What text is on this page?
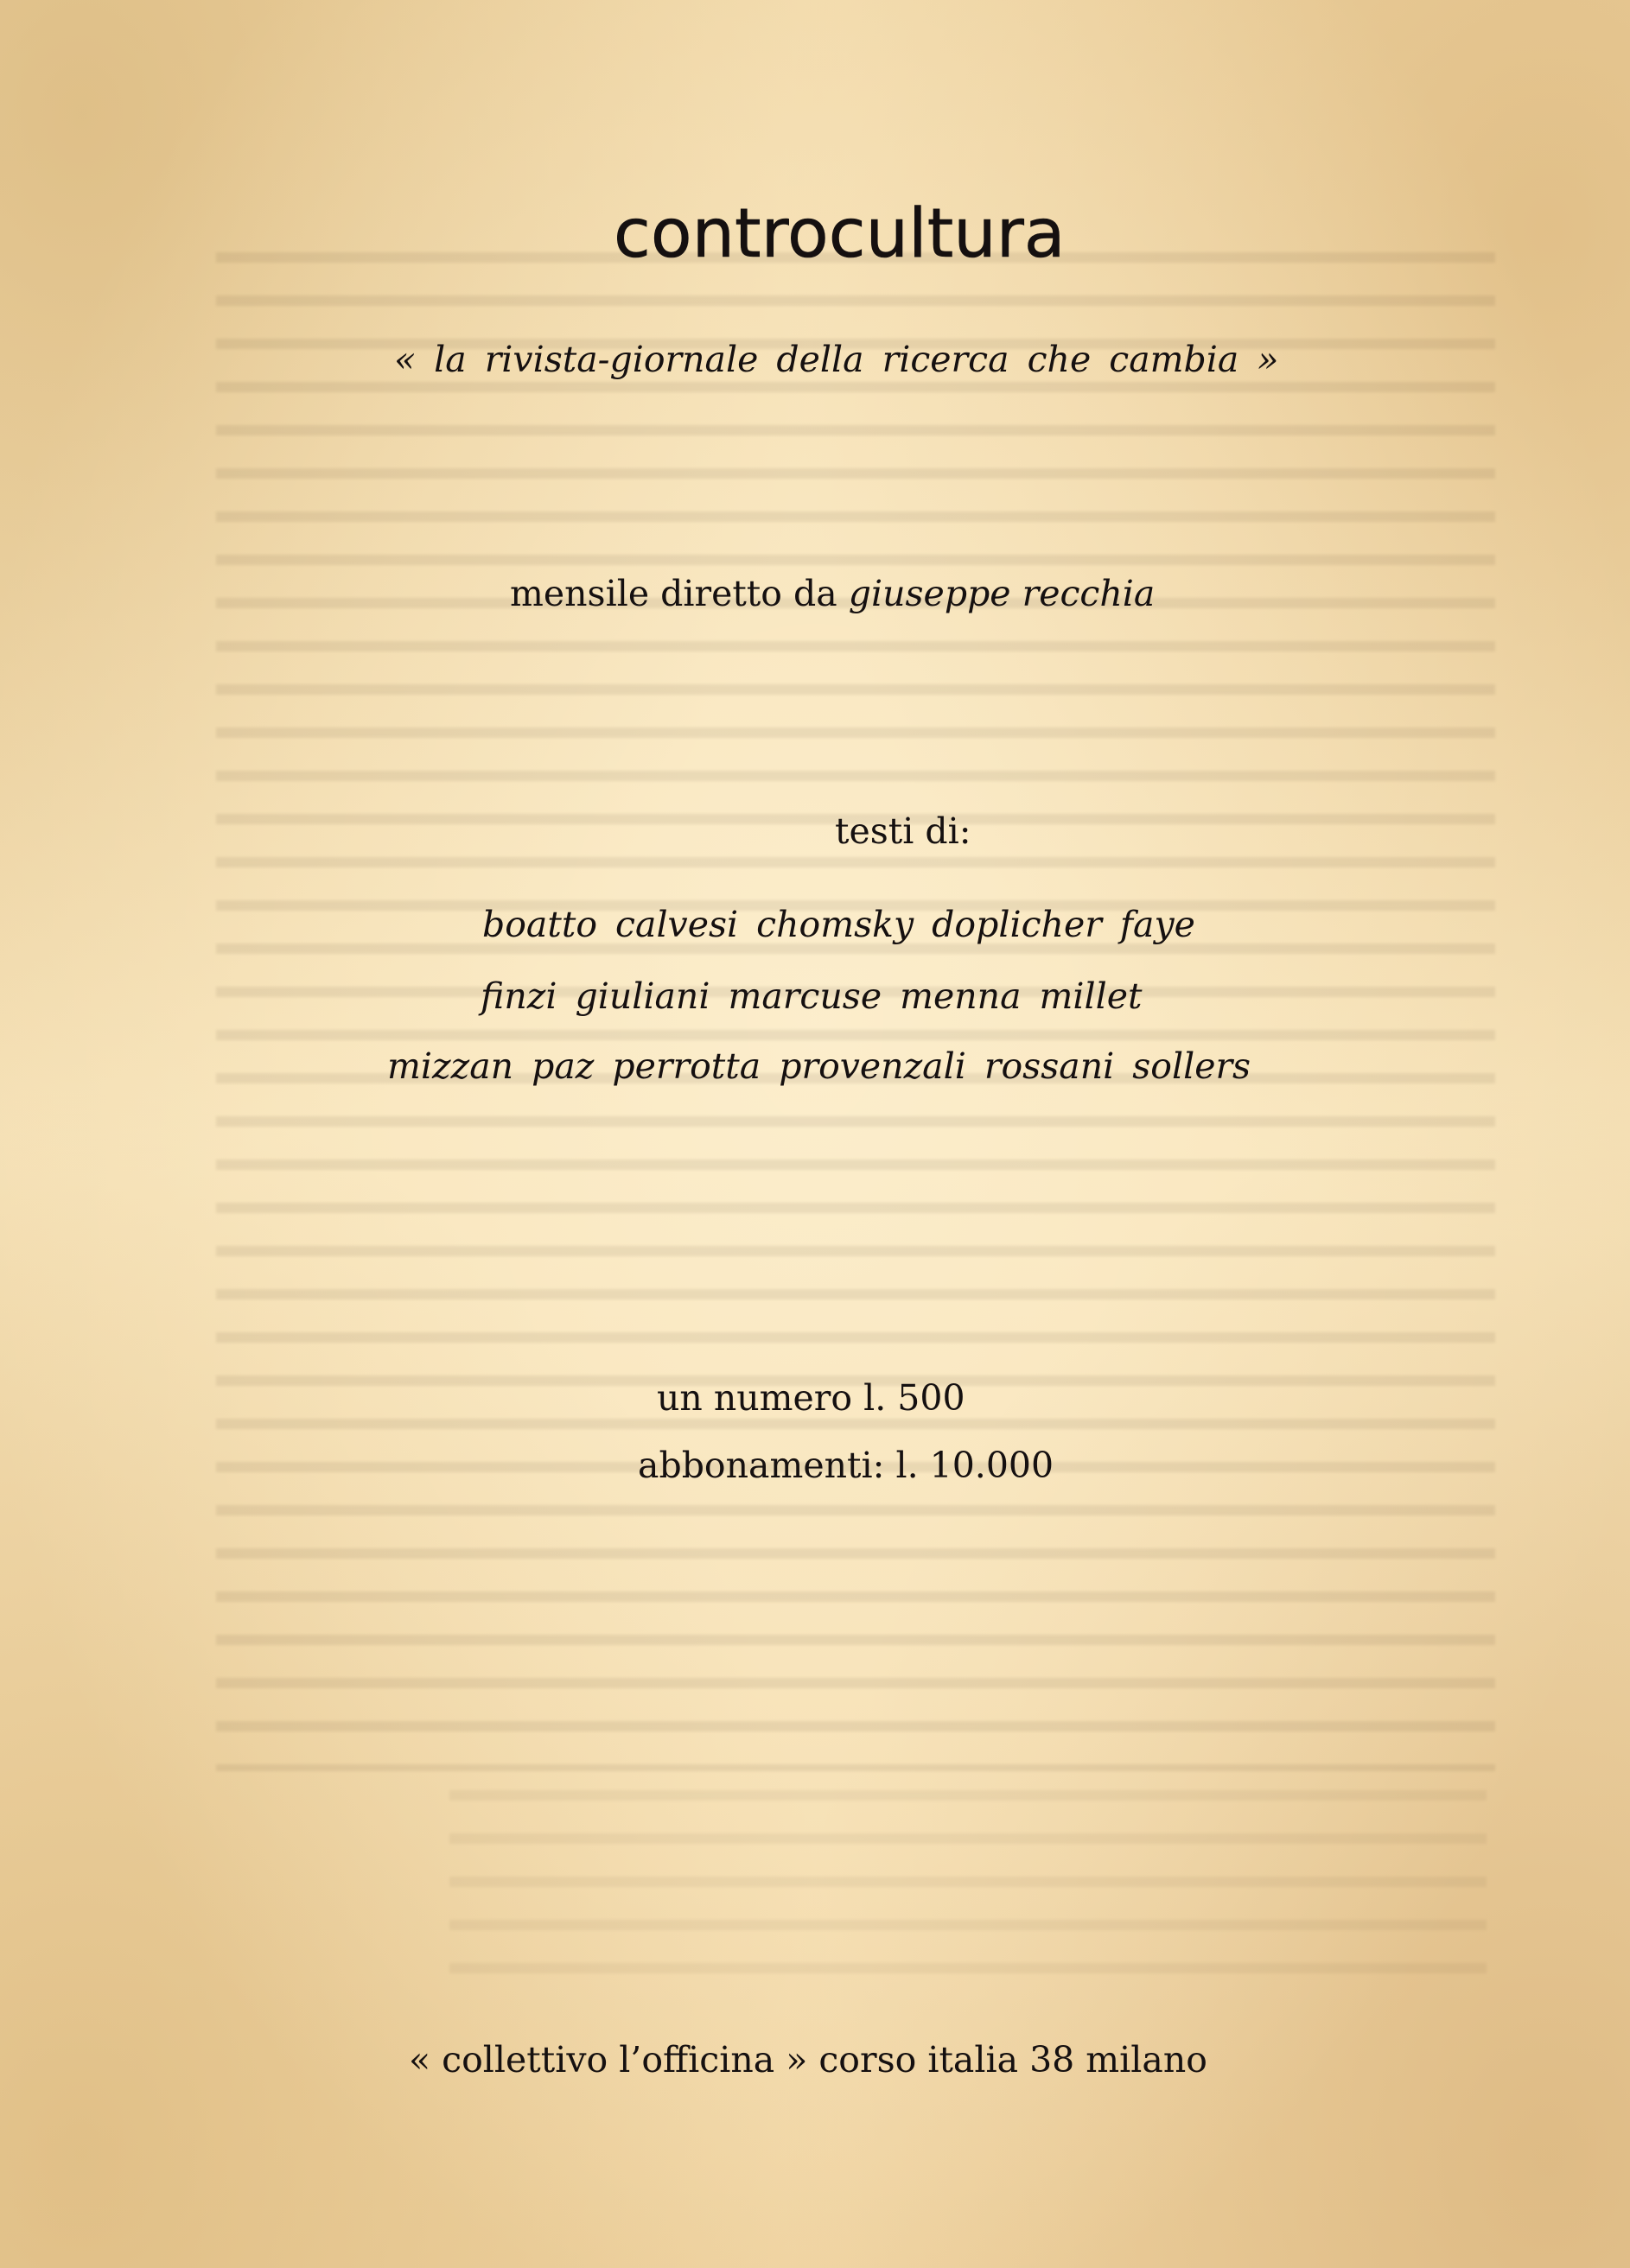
controcultura
« la rivista-giornale della ricerca che cambia »
mensile diretto da giuseppe recchia
testi di:
boatto calvesi chomsky doplicher faye
finzi giuliani marcuse menna millet
mizzan paz perrotta provenzali rossani sollers
un numero l. 500
abbonamenti: l. 10.000
« collettivo l’officina » corso italia 38 milano
